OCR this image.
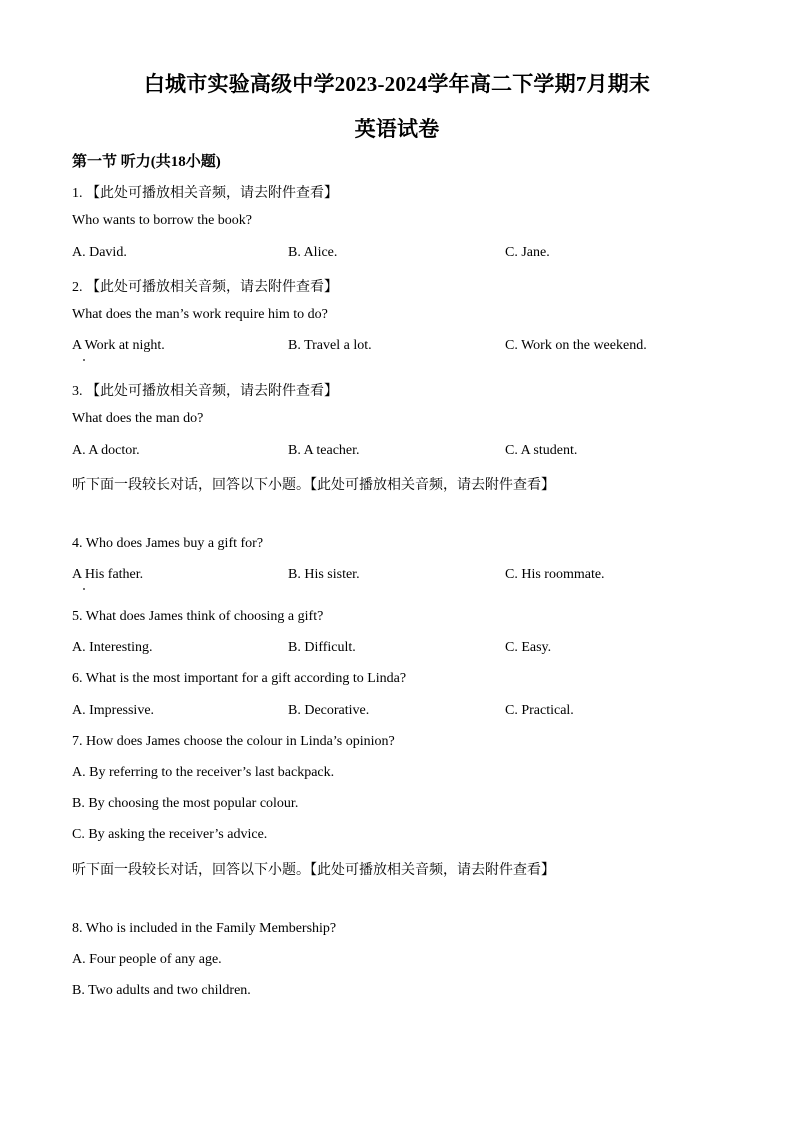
白城市实验高级中学2023-2024学年高二下学期7月期末
英语试卷
第一节 听力(共18小题)
1. 【此处可播放相关音频，请去附件查看】
Who wants to borrow the book?
A. David.	B. Alice.	C. Jane.
2. 【此处可播放相关音频，请去附件查看】
What does the man’s work require him to do?
A Work at night.	B. Travel a lot.	C. Work on the weekend.
3. 【此处可播放相关音频，请去附件查看】
What does the man do?
A. A doctor.	B. A teacher.	C. A student.
听下面一段较长对话，回答以下小题。【此处可播放相关音频，请去附件查看】
4. Who does James buy a gift for?
A His father.	B. His sister.	C. His roommate.
5. What does James think of choosing a gift?
A. Interesting.	B. Difficult.	C. Easy.
6. What is the most important for a gift according to Linda?
A. Impressive.	B. Decorative.	C. Practical.
7. How does James choose the colour in Linda’s opinion?
A. By referring to the receiver’s last backpack.
B. By choosing the most popular colour.
C. By asking the receiver’s advice.
听下面一段较长对话，回答以下小题。【此处可播放相关音频，请去附件查看】
8. Who is included in the Family Membership?
A. Four people of any age.
B. Two adults and two children.
